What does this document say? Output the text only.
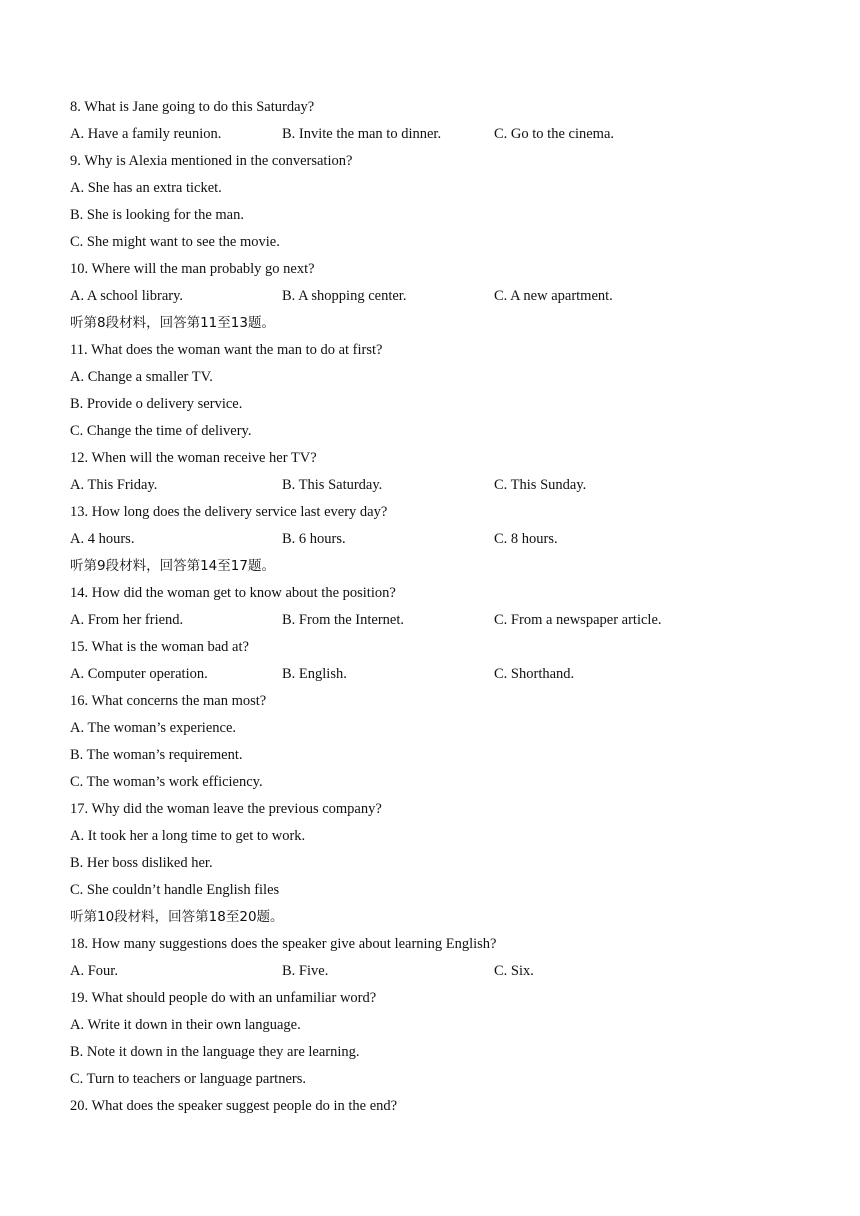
8. What is Jane going to do this Saturday?
A. Have a family reunion.	B. Invite the man to dinner.	C. Go to the cinema.
9. Why is Alexia mentioned in the conversation?
A. She has an extra ticket.
B. She is looking for the man.
C. She might want to see the movie.
10. Where will the man probably go next?
A. A school library.	B. A shopping center.	C. A new apartment.
听第8段材料，回答第11至13题。
11. What does the woman want the man to do at first?
A. Change a smaller TV.
B. Provide o delivery service.
C. Change the time of delivery.
12. When will the woman receive her TV?
A. This Friday.	B. This Saturday.	C. This Sunday.
13. How long does the delivery service last every day?
A. 4 hours.	B. 6 hours.	C. 8 hours.
听第9段材料，回答第14至17题。
14. How did the woman get to know about the position?
A. From her friend.	B. From the Internet.	C. From a newspaper article.
15. What is the woman bad at?
A. Computer operation.	B. English.	C. Shorthand.
16. What concerns the man most?
A. The woman’s experience.
B. The woman’s requirement.
C. The woman’s work efficiency.
17. Why did the woman leave the previous company?
A. It took her a long time to get to work.
B. Her boss disliked her.
C. She couldn’t handle English files
听第10段材料，回答第18至20题。
18. How many suggestions does the speaker give about learning English?
A. Four.	B. Five.	C. Six.
19. What should people do with an unfamiliar word?
A. Write it down in their own language.
B. Note it down in the language they are learning.
C. Turn to teachers or language partners.
20. What does the speaker suggest people do in the end?
